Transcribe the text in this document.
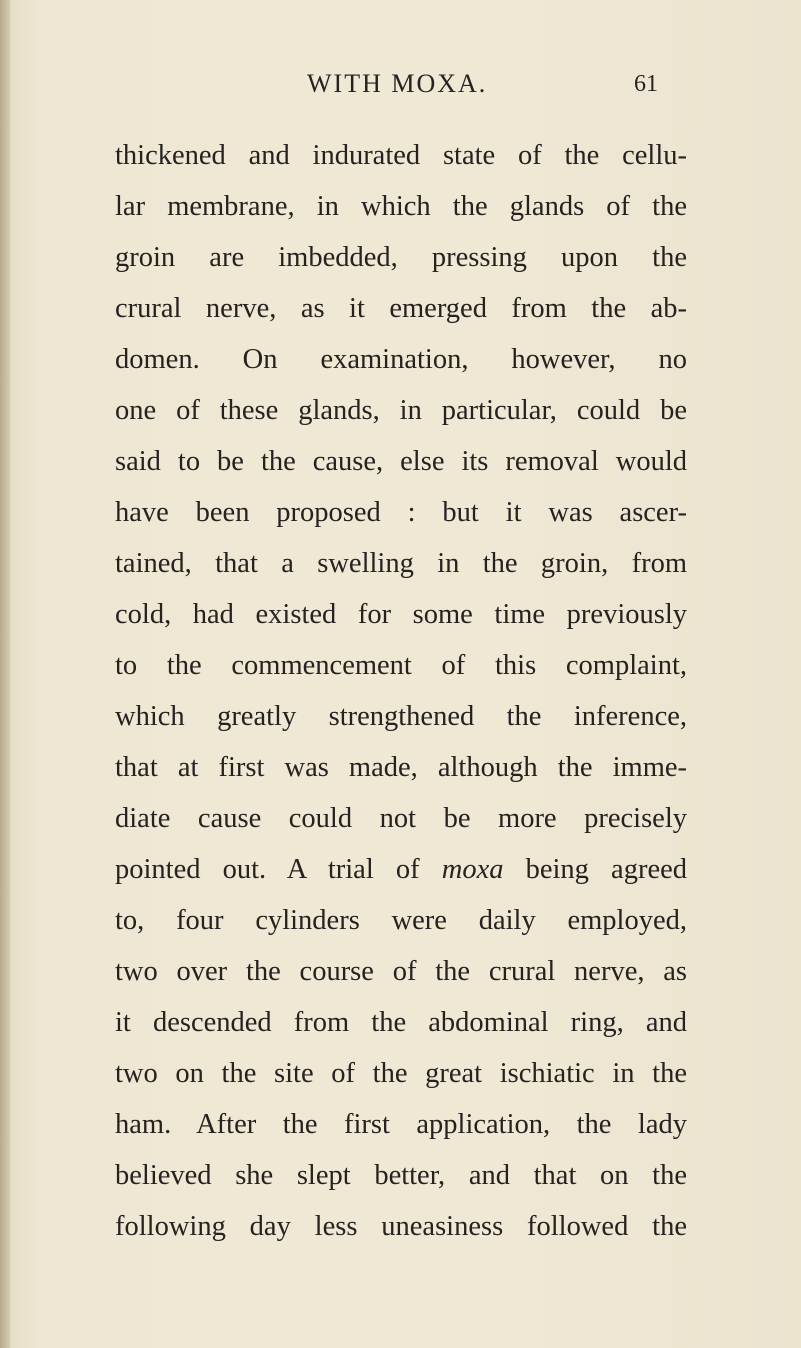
WITH MOXA.	61
thickened and indurated state of the cellu-
lar membrane, in which the glands of the
groin are imbedded, pressing upon the
crural nerve, as it emerged from the ab-
domen. On examination, however, no
one of these glands, in particular, could be
said to be the cause, else its removal would
have been proposed : but it was ascer-
tained, that a swelling in the groin, from
cold, had existed for some time previously
to the commencement of this complaint,
which greatly strengthened the inference,
that at first was made, although the imme-
diate cause could not be more precisely
pointed out. A trial of moxa being agreed
to, four cylinders were daily employed,
two over the course of the crural nerve, as
it descended from the abdominal ring, and
two on the site of the great ischiatic in the
ham. After the first application, the lady
believed she slept better, and that on the
following day less uneasiness followed the
